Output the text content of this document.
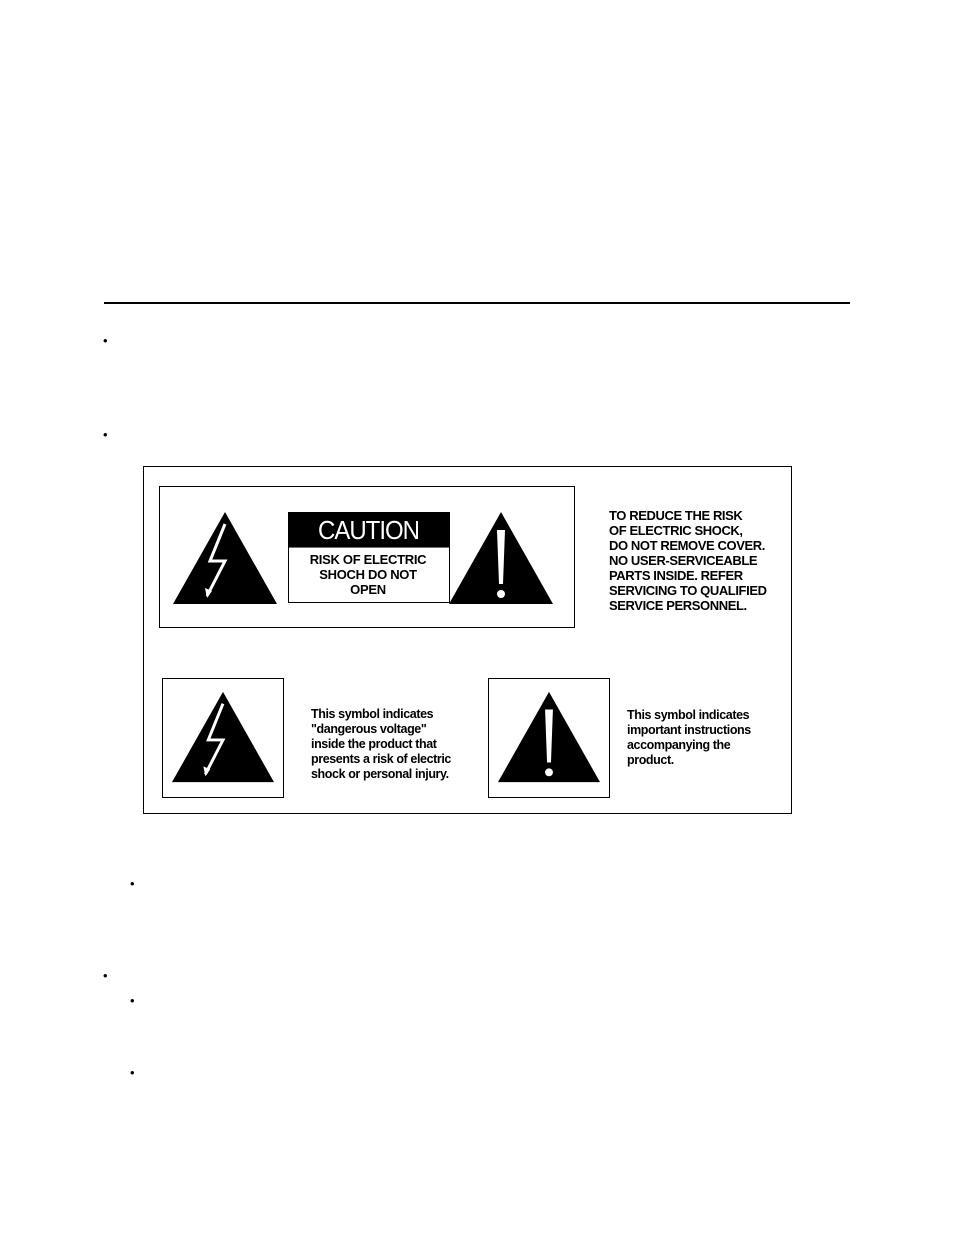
•
•
•
•
•
•
CAUTION
RISK OF ELECTRIC
SHOCH DO NOT
OPEN
TO REDUCE THE RISK
OF ELECTRIC SHOCK,
DO NOT REMOVE COVER.
NO USER-SERVICEABLE
PARTS INSIDE. REFER
SERVICING TO QUALIFIED
SERVICE PERSONNEL.
This symbol indicates
"dangerous voltage"
inside the product that
presents a risk of electric
shock or personal injury.
This symbol indicates
important instructions
accompanying the
product.
